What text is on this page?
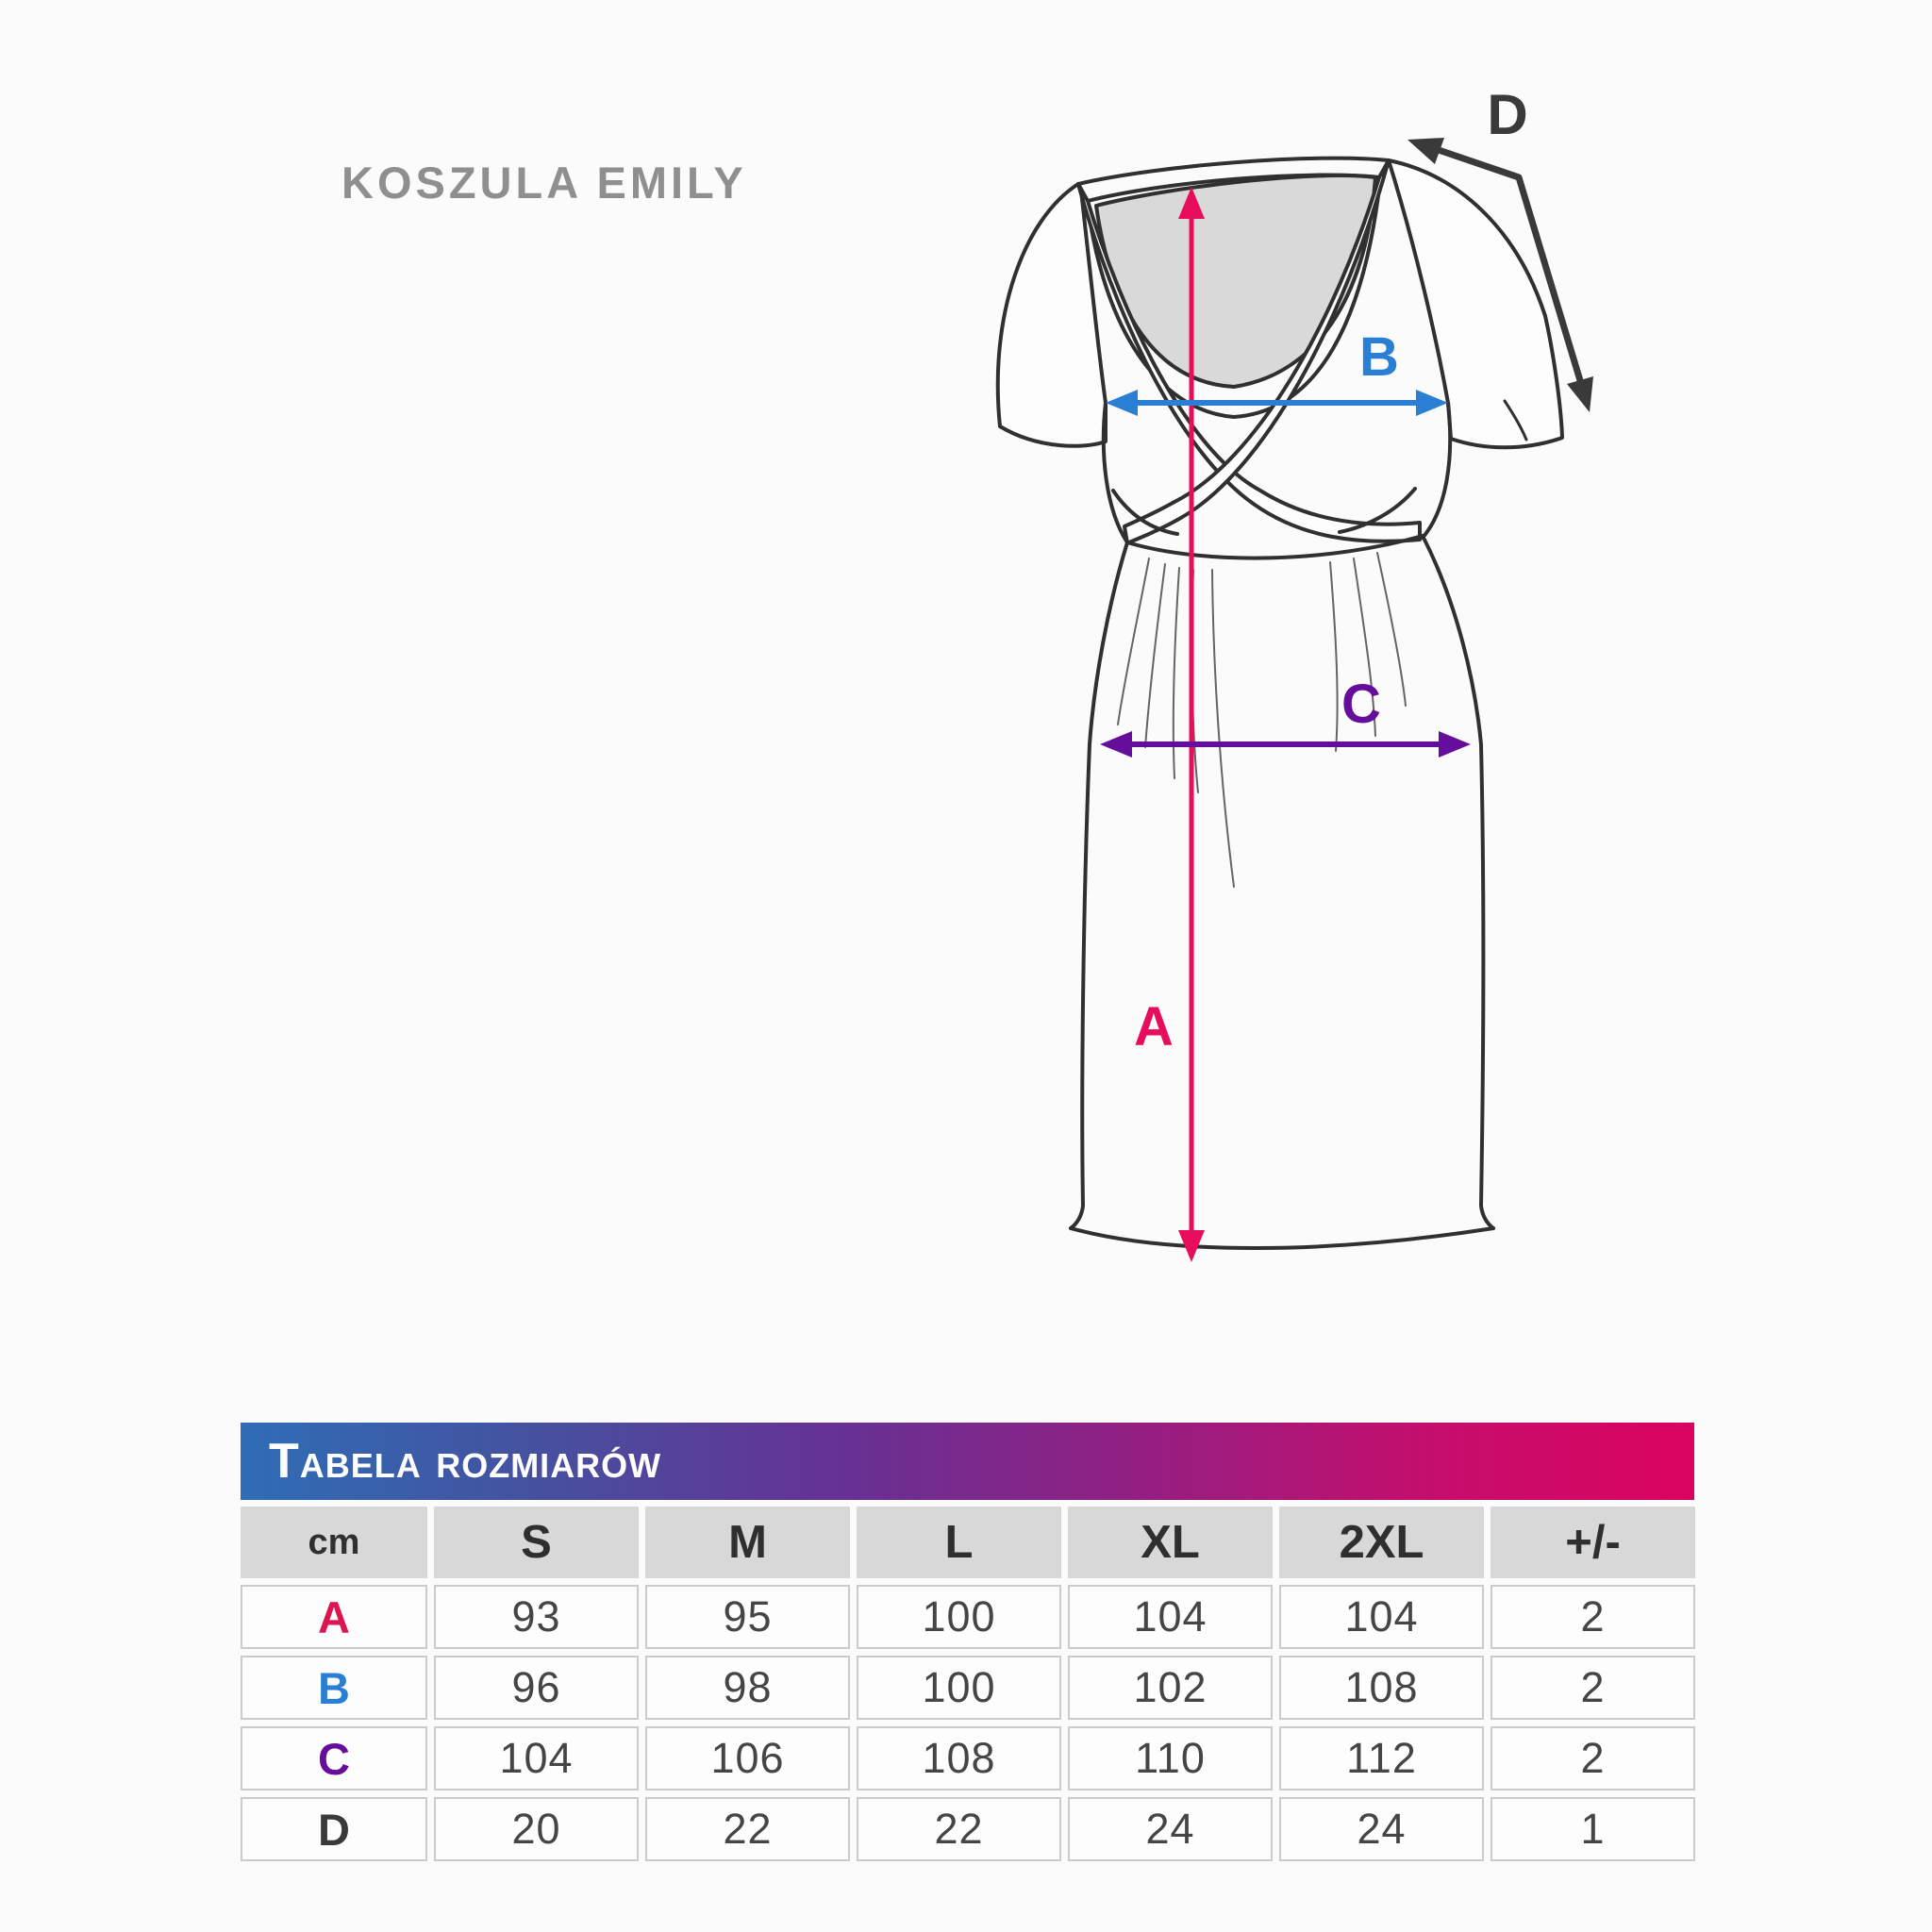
KOSZULA EMILY
A
B
C
D
Tabela rozmiarów
cm	S	M	L	XL	2XL	+/-
A	93	95	100	104	104	2
B	96	98	100	102	108	2
C	104	106	108	110	112	2
D	20	22	22	24	24	1
